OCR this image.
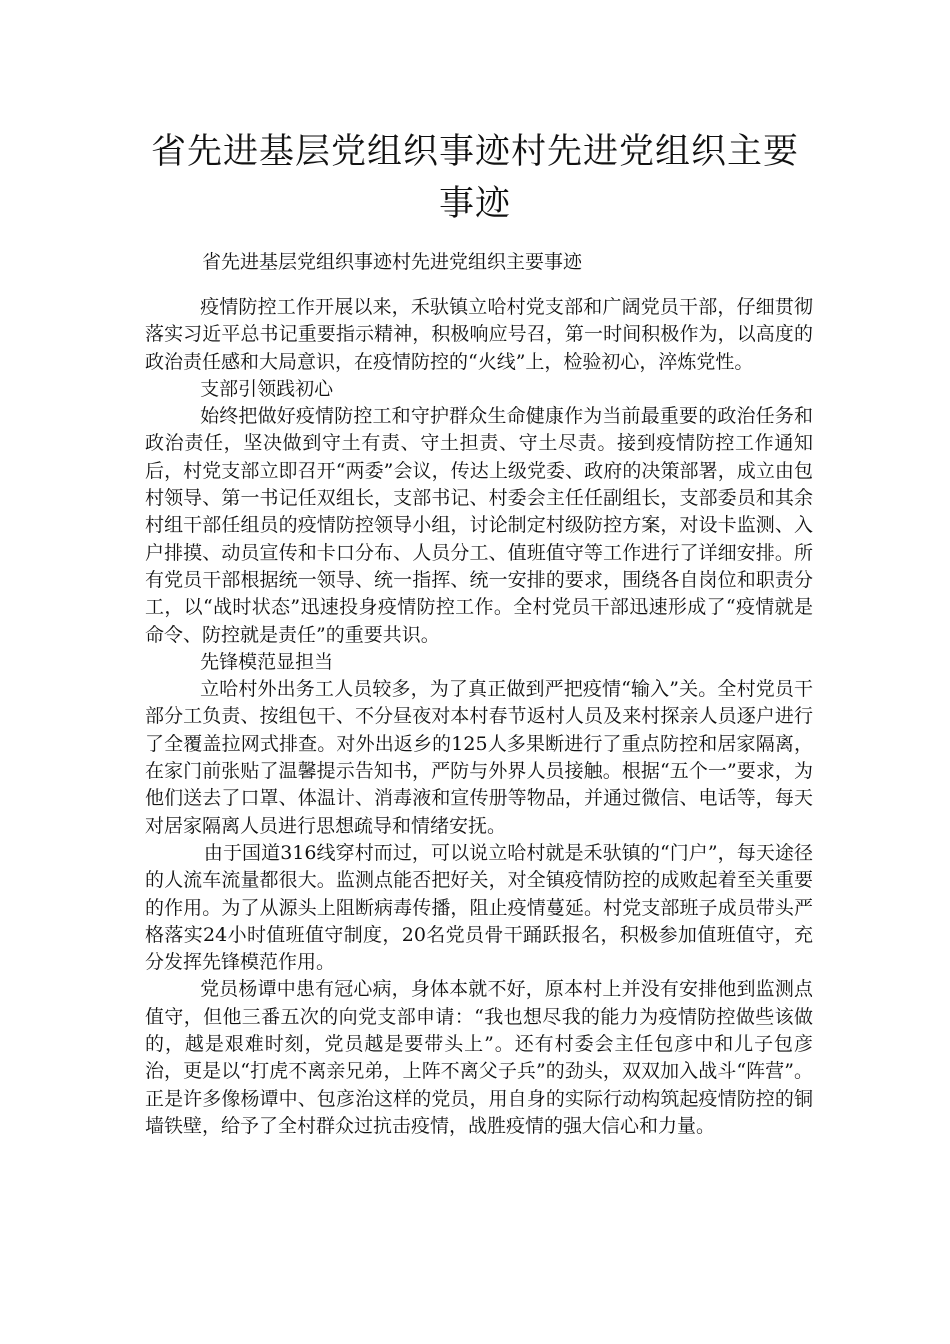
省先进基层党组织事迹村先进党组织主要事迹

省先进基层党组织事迹村先进党组织主要事迹

疫情防控工作开展以来，禾驮镇立哈村党支部和广阔党员干部，仔细贯彻落实习近平总书记重要指示精神，积极响应号召，第一时间积极作为，以高度的政治责任感和大局意识，在疫情防控的“火线”上，检验初心，淬炼党性。

支部引领践初心

始终把做好疫情防控工和守护群众生命健康作为当前最重要的政治任务和政治责任，坚决做到守土有责、守土担责、守土尽责。接到疫情防控工作通知后，村党支部立即召开“两委”会议，传达上级党委、政府的决策部署，成立由包村领导、第一书记任双组长，支部书记、村委会主任任副组长，支部委员和其余村组干部任组员的疫情防控领导小组，讨论制定村级防控方案，对设卡监测、入户排摸、动员宣传和卡口分布、人员分工、值班值守等工作进行了详细安排。所有党员干部根据统一领导、统一指挥、统一安排的要求，围绕各自岗位和职责分工，以“战时状态”迅速投身疫情防控工作。全村党员干部迅速形成了“疫情就是命令、防控就是责任”的重要共识。

先锋模范显担当

立哈村外出务工人员较多，为了真正做到严把疫情“输入”关。全村党员干部分工负责、按组包干、不分昼夜对本村春节返村人员及来村探亲人员逐户进行了全覆盖拉网式排查。对外出返乡的125人多果断进行了重点防控和居家隔离，在家门前张贴了温馨提示告知书，严防与外界人员接触。根据“五个一”要求，为他们送去了口罩、体温计、消毒液和宣传册等物品，并通过微信、电话等，每天对居家隔离人员进行思想疏导和情绪安抚。

由于国道316线穿村而过，可以说立哈村就是禾驮镇的“门户”，每天途径的人流车流量都很大。监测点能否把好关，对全镇疫情防控的成败起着至关重要的作用。为了从源头上阻断病毒传播，阻止疫情蔓延。村党支部班子成员带头严格落实24小时值班值守制度，20名党员骨干踊跃报名，积极参加值班值守，充分发挥先锋模范作用。

党员杨谭中患有冠心病，身体本就不好，原本村上并没有安排他到监测点值守，但他三番五次的向党支部申请：“我也想尽我的能力为疫情防控做些该做的，越是艰难时刻，党员越是要带头上”。还有村委会主任包彦中和儿子包彦治，更是以“打虎不离亲兄弟，上阵不离父子兵”的劲头，双双加入战斗“阵营”。正是许多像杨谭中、包彦治这样的党员，用自身的实际行动构筑起疫情防控的铜墙铁壁，给予了全村群众过抗击疫情，战胜疫情的强大信心和力量。
